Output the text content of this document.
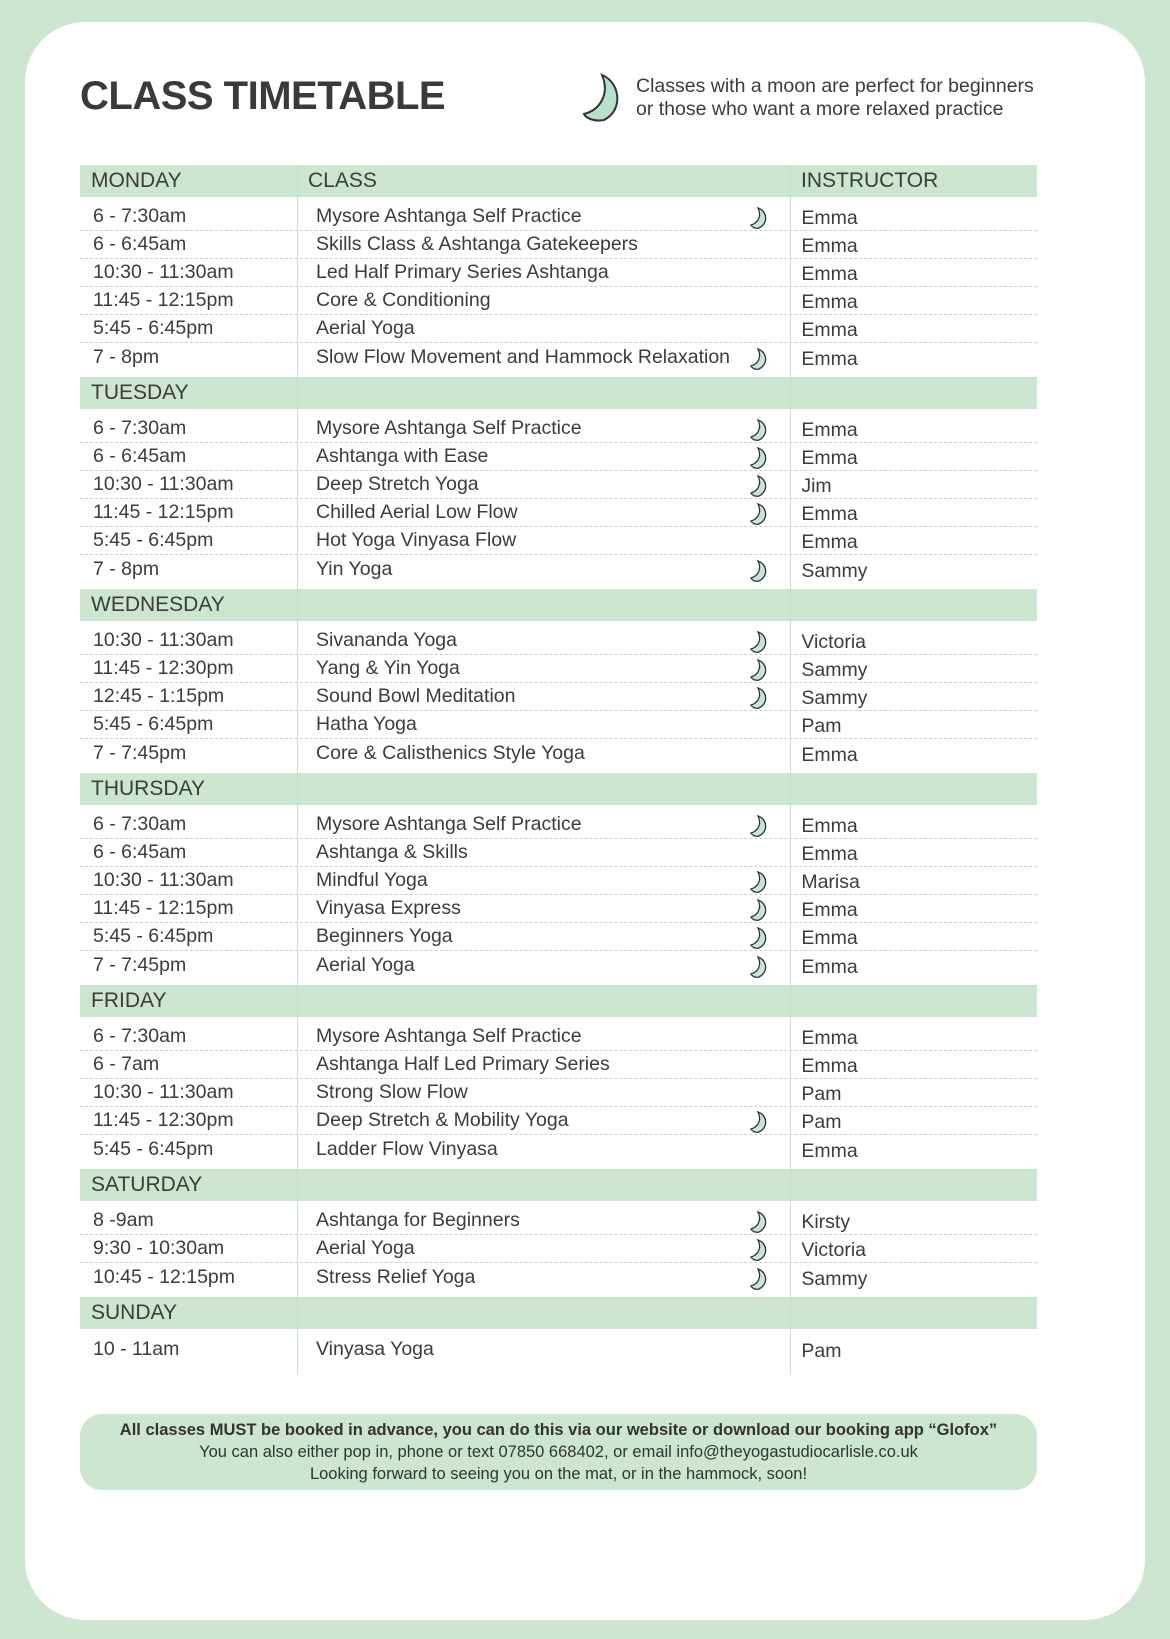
CLASS TIMETABLE	Classes with a moon are perfect for beginners
or those who want a more relaxed practice
MONDAY	CLASS	INSTRUCTOR
6 - 7:30am	Mysore Ashtanga Self Practice	Emma
6 - 6:45am	Skills Class & Ashtanga Gatekeepers	Emma
10:30 - 11:30am	Led Half Primary Series Ashtanga	Emma
11:45 - 12:15pm	Core & Conditioning	Emma
5:45 - 6:45pm	Aerial Yoga	Emma
7 - 8pm	Slow Flow Movement and Hammock Relaxation	Emma
TUESDAY
6 - 7:30am	Mysore Ashtanga Self Practice	Emma
6 - 6:45am	Ashtanga with Ease	Emma
10:30 - 11:30am	Deep Stretch Yoga	Jim
11:45 - 12:15pm	Chilled Aerial Low Flow	Emma
5:45 - 6:45pm	Hot Yoga Vinyasa Flow	Emma
7 - 8pm	Yin Yoga	Sammy
WEDNESDAY
10:30 - 11:30am	Sivananda Yoga	Victoria
11:45 - 12:30pm	Yang & Yin Yoga	Sammy
12:45 - 1:15pm	Sound Bowl Meditation	Sammy
5:45 - 6:45pm	Hatha Yoga	Pam
7 - 7:45pm	Core & Calisthenics Style Yoga	Emma
THURSDAY
6 - 7:30am	Mysore Ashtanga Self Practice	Emma
6 - 6:45am	Ashtanga & Skills	Emma
10:30 - 11:30am	Mindful Yoga	Marisa
11:45 - 12:15pm	Vinyasa Express	Emma
5:45 - 6:45pm	Beginners Yoga	Emma
7 - 7:45pm	Aerial Yoga	Emma
FRIDAY
6 - 7:30am	Mysore Ashtanga Self Practice	Emma
6 - 7am	Ashtanga Half Led Primary Series	Emma
10:30 - 11:30am	Strong Slow Flow	Pam
11:45 - 12:30pm	Deep Stretch & Mobility Yoga	Pam
5:45 - 6:45pm	Ladder Flow Vinyasa	Emma
SATURDAY
8 -9am	Ashtanga for Beginners	Kirsty
9:30 - 10:30am	Aerial Yoga	Victoria
10:45 - 12:15pm	Stress Relief Yoga	Sammy
SUNDAY
10 - 11am	Vinyasa Yoga	Pam
All classes MUST be booked in advance, you can do this via our website or download our booking app “Glofox”
You can also either pop in, phone or text 07850 668402, or email info@theyogastudiocarlisle.co.uk
Looking forward to seeing you on the mat, or in the hammock, soon!
